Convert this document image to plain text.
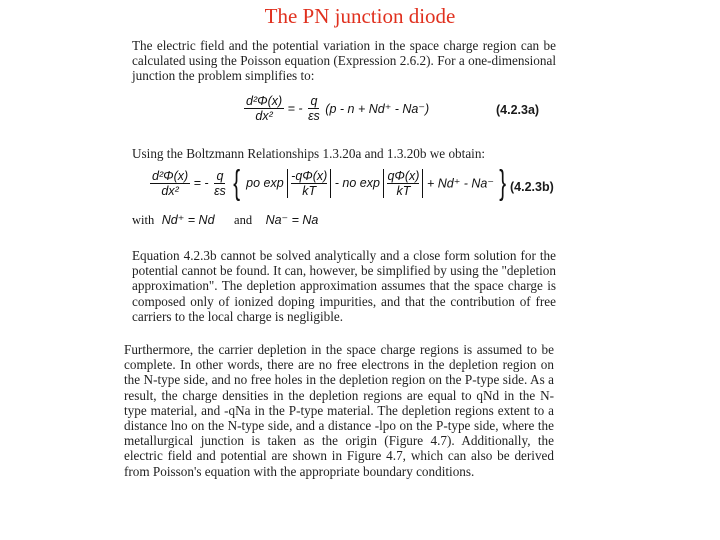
The PN junction diode
The electric field and the potential variation in the space charge region can be calculated using the Poisson equation (Expression 2.6.2). For a one-dimensional junction the problem simplifies to:
$\frac{\text{d²Φ(x)}}{\text{dx²}}$ = - $\frac{q}{\varepsilon s} (p - n + Nd^+ - Na^-)$	(4.2.3a)
Using the Boltzmann Relationships 1.3.20a and 1.3.20b we obtain:
$\frac{\text{d²Φ(x)}}{\text{dx²}}$ = - $\frac{q}{\varepsilon s}$ { po $\exp \frac{-q\Phi(x)}{kT}$ - no $\exp \frac{q\Phi(x)}{kT} + Nd^+ - Na^-$ } (4.2.3b)
with Nd⁺ = Nd and Na⁻ = Na
Equation 4.2.3b cannot be solved analytically and a close form solution for the potential cannot be found. It can, however, be simplified by using the "depletion approximation". The depletion approximation assumes that the space charge is composed only of ionized doping impurities, and that the contribution of free carriers to the local charge is negligible.
Furthermore, the carrier depletion in the space charge regions is assumed to be complete. In other words, there are no free electrons in the depletion region on the N-type side, and no free holes in the depletion region on the P-type side. As a result, the charge densities in the depletion regions are equal to qNd in the N-type material, and -qNa in the P-type material. The depletion regions extent to a distance lno on the N-type side, and a distance -lpo on the P-type side, where the metallurgical junction is taken as the origin (Figure 4.7). Additionally, the electric field and potential are shown in Figure 4.7, which can also be derived from Poisson's equation with the appropriate boundary conditions.
